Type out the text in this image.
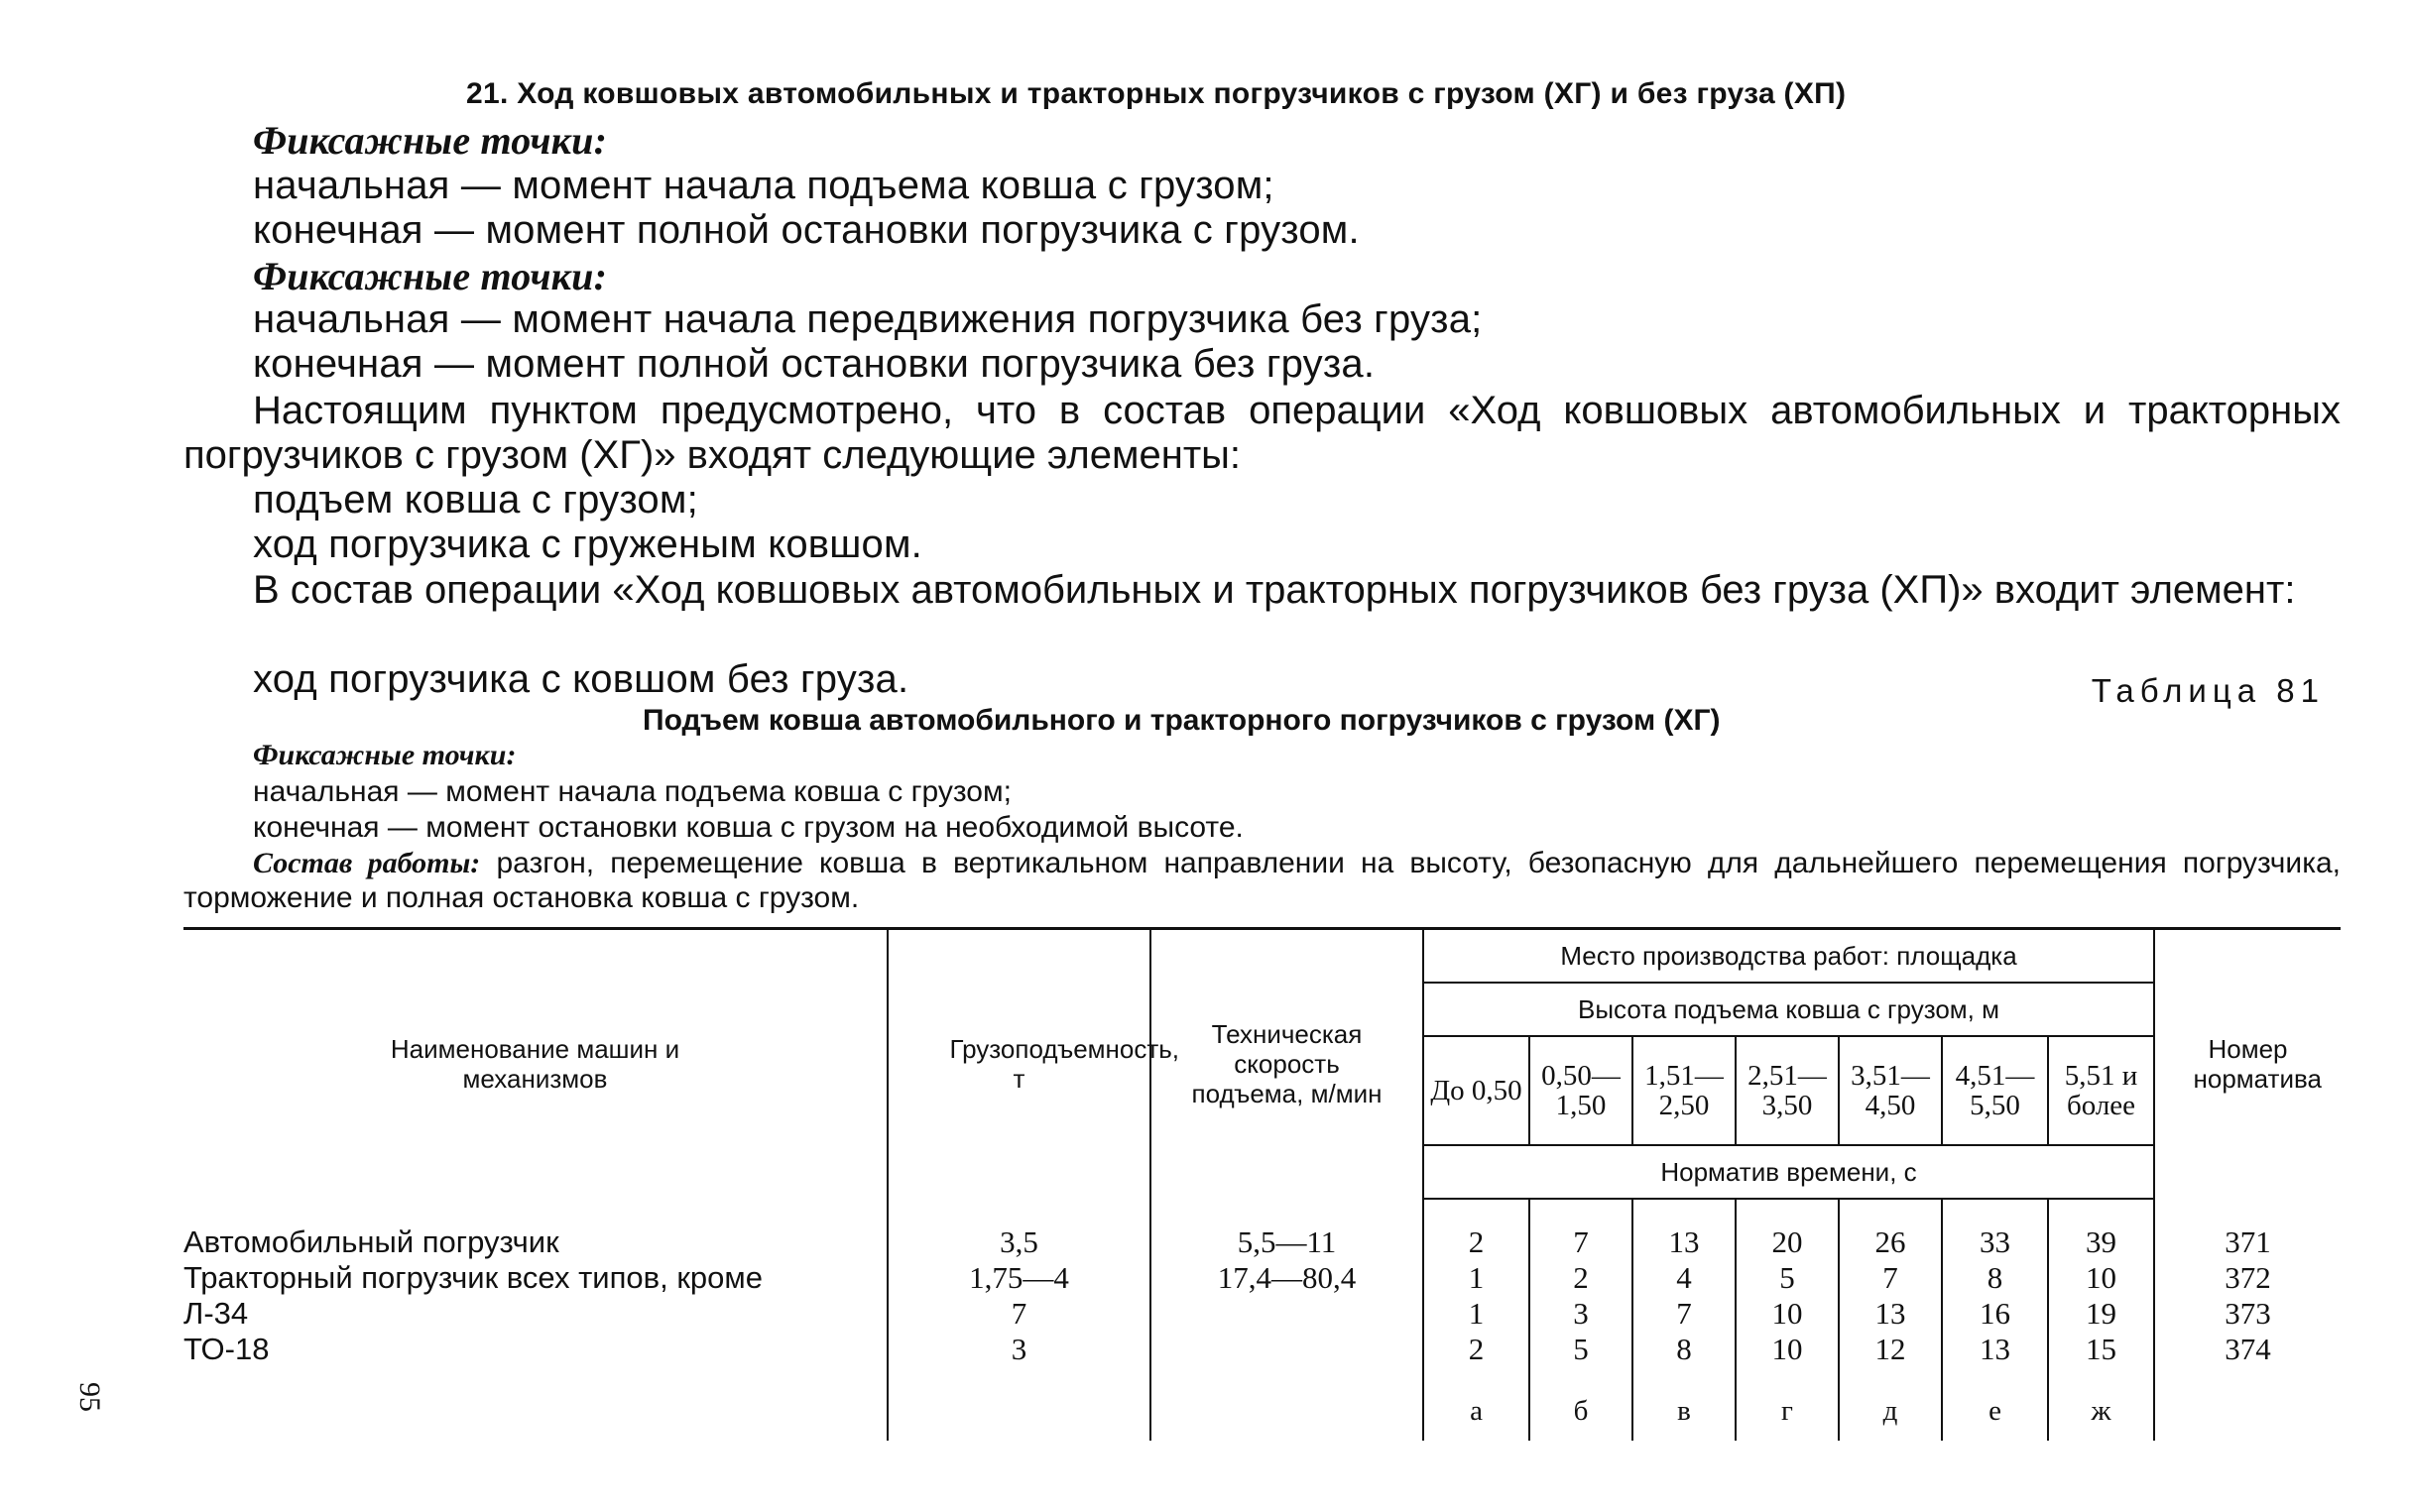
21. Ход ковшовых автомобильных и тракторных погрузчиков с грузом (ХГ) и без груза (ХП)
Фиксажные точки:
начальная — момент начала подъема ковша с грузом;
конечная — момент полной остановки погрузчика с грузом.
Фиксажные точки:
начальная — момент начала передвижения погрузчика без груза;
конечная — момент полной остановки погрузчика без груза.
Настоящим пунктом предусмотрено, что в состав операции «Ход ковшовых автомобильных и тракторных погрузчиков с грузом (ХГ)» входят следующие элементы:
подъем ковша с грузом;
ход погрузчика с груженым ковшом.
В состав операции «Ход ковшовых автомобильных и тракторных погрузчиков без груза (ХП)» входит элемент:
ход погрузчика с ковшом без груза.	Таблица 81
Подъем ковша автомобильного и тракторного погрузчиков с грузом (ХГ)
Фиксажные точки:
начальная — момент начала подъема ковша с грузом;
конечная — момент остановки ковша с грузом на необходимой высоте.
Состав работы: разгон, перемещение ковша в вертикальном направлении на высоту, безопасную для дальнейшего перемещения погрузчика, торможение и полная остановка ковша с грузом.
Наименование машин и механизмов	Грузоподъемность, т	Техническая скорость подъема, м/мин	Место производства работ: площадка							Номер норматива

			Высота подъема ковша с грузом, м							
			До 0,50	0,50—1,50	1,51—2,50	2,51—3,50	3,51—4,50	4,51—5,50	5,51 и более	
			Норматив времени, с							

Автомобильный погрузчик	3,5	5,5—11	2	7	13	20	26	33	39	371
Тракторный погрузчик всех типов, кроме	1,75—4	17,4—80,4	1	2	4	5	7	8	10	372
Л-34	7		1	3	7	10	13	16	19	373
ТО-18	3		2	5	8	10	12	13	15	374
			а	б	в	г	д	е	ж	
95
